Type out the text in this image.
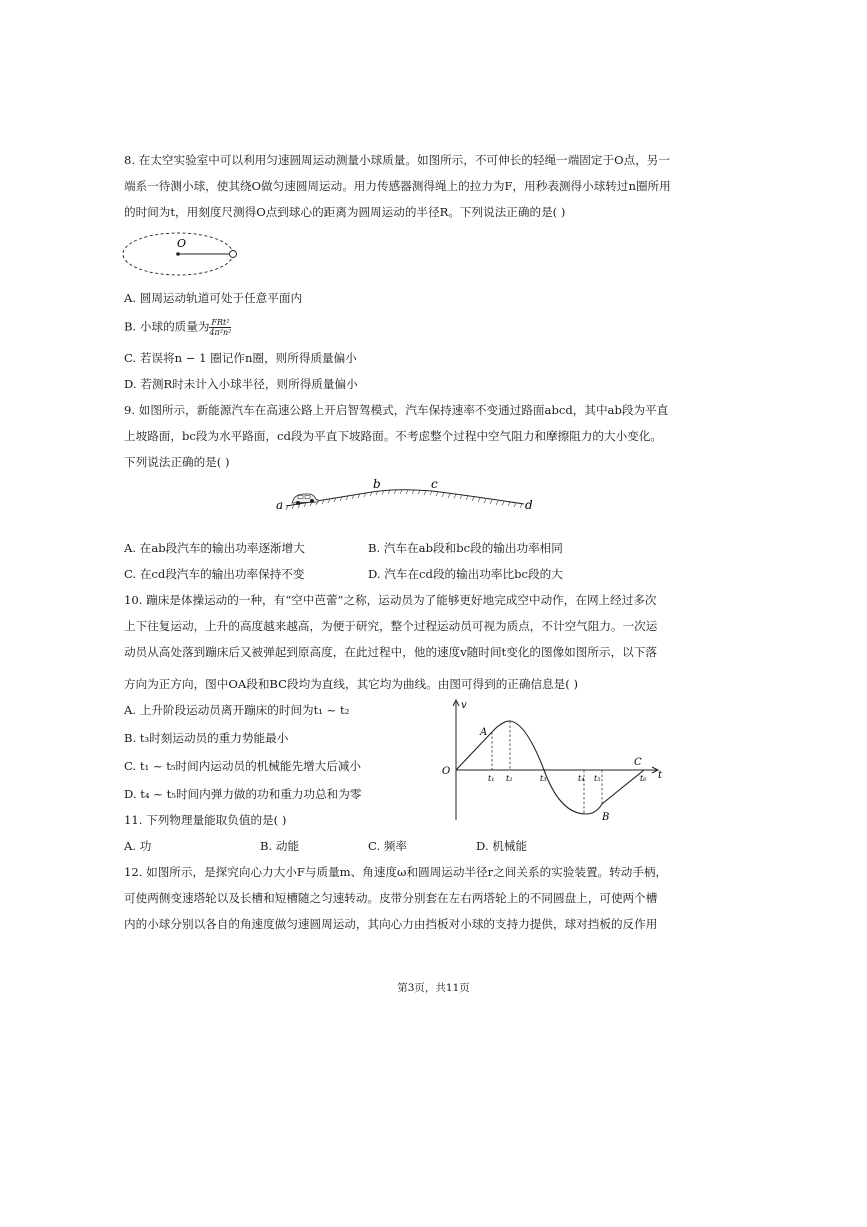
8. 在太空实验室中可以利用匀速圆周运动测量小球质量。如图所示，不可伸长的轻绳一端固定于O点，另一
端系一待测小球，使其绕O做匀速圆周运动。用力传感器测得绳上的拉力为F，用秒表测得小球转过n圈所用
的时间为t，用刻度尺测得O点到球心的距离为圆周运动的半径R。下列说法正确的是( )
O
A. 圆周运动轨道可处于任意平面内
B. 小球的质量为 $\frac{\text{FRt²}}{\text{4π²n²}}$
C. 若误将n − 1 圈记作n圈，则所得质量偏小
D. 若测R时未计入小球半径，则所得质量偏小
9. 如图所示，新能源汽车在高速公路上开启智驾模式，汽车保持速率不变通过路面abcd，其中ab段为平直
上坡路面，bc段为水平路面，cd段为平直下坡路面。不考虑整个过程中空气阻力和摩擦阻力的大小变化。
下列说法正确的是( )
a
b	c
d
A. 在ab段汽车的输出功率逐渐增大	B. 汽车在ab段和bc段的输出功率相同
C. 在cd段汽车的输出功率保持不变	D. 汽车在cd段的输出功率比bc段的大
10. 蹦床是体操运动的一种，有“空中芭蕾”之称，运动员为了能够更好地完成空中动作，在网上经过多次
上下往复运动，上升的高度越来越高，为便于研究，整个过程运动员可视为质点，不计空气阻力。一次运
动员从高处落到蹦床后又被弹起到原高度，在此过程中，他的速度v随时间t变化的图像如图所示，以下落
方向为正方向，图中OA段和BC段均为直线，其它均为曲线。由图可得到的正确信息是( )
A. 上升阶段运动员离开蹦床的时间为t₁ ~ t₂
B. t₃时刻运动员的重力势能最小
C. t₁ ~ t₅时间内运动员的机械能先增大后减小
D. t₄ ~ t₅时间内弹力做的功和重力功总和为零
v
t
O
A
B
C
t₁ t₂	t₃	t₄ t₅	t₆
11. 下列物理量能取负值的是( )
A. 功	B. 动能	C. 频率	D. 机械能
12. 如图所示，是探究向心力大小F与质量m、角速度ω和圆周运动半径r之间关系的实验装置。转动手柄，
可使两侧变速塔轮以及长槽和短槽随之匀速转动。皮带分别套在左右两塔轮上的不同圆盘上，可使两个槽
内的小球分别以各自的角速度做匀速圆周运动，其向心力由挡板对小球的支持力提供，球对挡板的反作用
第3页，共11页
